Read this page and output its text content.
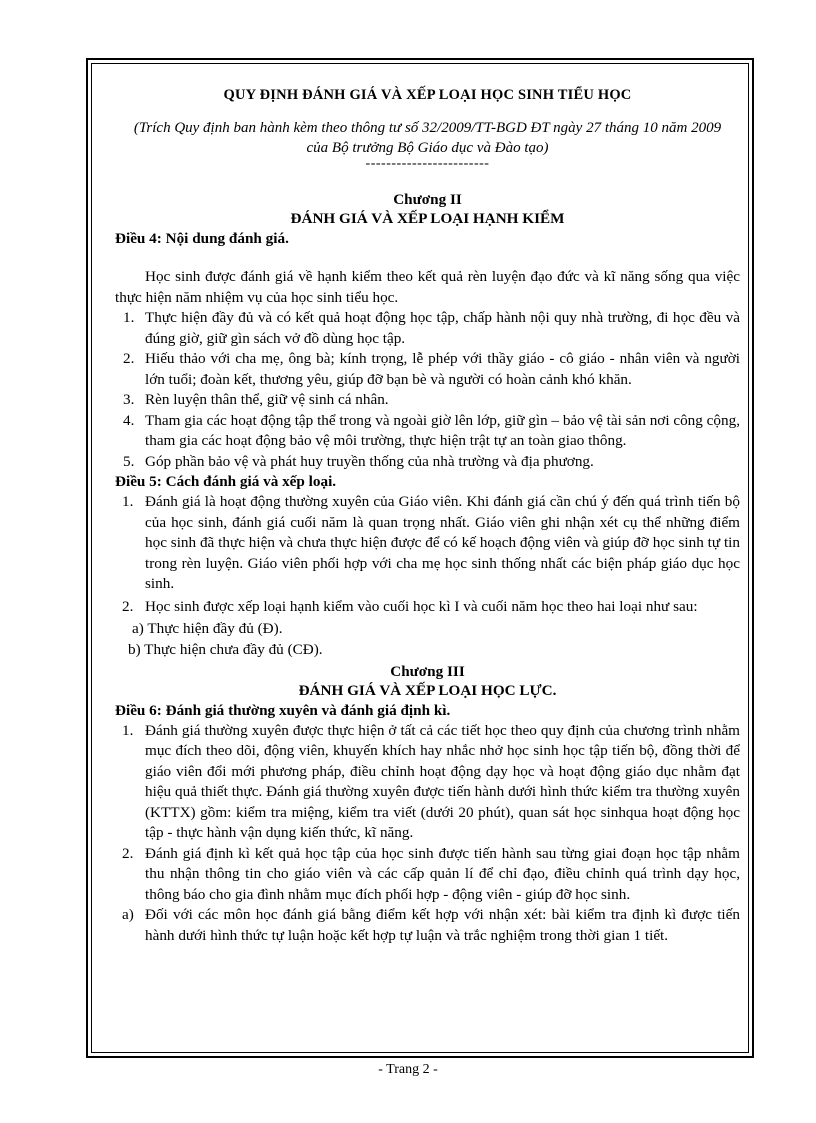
QUY ĐỊNH ĐÁNH GIÁ VÀ XẾP LOẠI HỌC SINH TIỂU HỌC
(Trích Quy định ban hành kèm theo thông tư số 32/2009/TT-BGD ĐT ngày 27 tháng 10 năm 2009 của Bộ trưởng Bộ Giáo dục và Đào tạo)
------------------------
Chương II
ĐÁNH GIÁ VÀ XẾP LOẠI HẠNH KIỂM
Điều 4: Nội dung đánh giá.
Học sinh được đánh giá về hạnh kiểm theo kết quả rèn luyện đạo đức và kĩ năng sống qua việc thực hiện năm nhiệm vụ của học sinh tiểu học.
1. Thực hiện đầy đủ và có kết quả hoạt động học tập, chấp hành nội quy nhà trường, đi học đều và đúng giờ, giữ gìn sách vở đồ dùng học tập.
2. Hiếu thảo với cha mẹ, ông bà; kính trọng, lễ phép với thầy giáo - cô giáo - nhân viên và người lớn tuổi; đoàn kết, thương yêu, giúp đỡ bạn bè và người có hoàn cảnh khó khăn.
3. Rèn luyện thân thể, giữ vệ sinh cá nhân.
4. Tham gia các hoạt động tập thể trong và ngoài giờ lên lớp, giữ gìn – bảo vệ tài sản nơi công cộng, tham gia các hoạt động bảo vệ môi trường, thực hiện trật tự an toàn giao thông.
5. Góp phần bảo vệ và phát huy truyền thống của nhà trường và địa phương.
Điều 5: Cách đánh giá và xếp loại.
1. Đánh giá là hoạt động thường xuyên của Giáo viên. Khi đánh giá cần chú ý đến quá trình tiến bộ của học sinh, đánh giá cuối năm là quan trọng nhất. Giáo viên ghi nhận xét cụ thể những điểm học sinh đã thực hiện và chưa thực hiện được để có kế hoạch động viên và giúp đỡ học sinh tự tin trong rèn luyện. Giáo viên phối hợp với cha mẹ học sinh thống nhất các biện pháp giáo dục học sinh.
2. Học sinh được xếp loại hạnh kiểm vào cuối học kì I và cuối năm học theo hai loại như sau:
a) Thực hiện đầy đủ (Đ).
b) Thực hiện chưa đầy đủ (CĐ).
Chương III
ĐÁNH GIÁ VÀ XẾP LOẠI HỌC LỰC.
Điều 6: Đánh giá thường xuyên và đánh giá định kì.
1. Đánh giá thường xuyên được thực hiện ở tất cả các tiết học theo quy định của chương trình nhằm mục đích theo dõi, động viên, khuyến khích hay nhắc nhở học sinh học tập tiến bộ, đồng thời để giáo viên đổi mới phương pháp, điều chỉnh hoạt động dạy học và hoạt động giáo dục nhằm đạt hiệu quả thiết thực. Đánh giá thường xuyên được tiến hành dưới hình thức kiểm tra thường xuyên (KTTX) gồm: kiểm tra miệng, kiểm tra viết (dưới 20 phút), quan sát học sinhqua hoạt động học tập - thực hành vận dụng kiến thức, kĩ năng.
2. Đánh giá định kì kết quả học tập của học sinh được tiến hành sau từng giai đoạn học tập nhằm thu nhận thông tin cho giáo viên và các cấp quản lí để chỉ đạo, điều chỉnh quá trình dạy học, thông báo cho gia đình nhằm mục đích phối hợp - động viên - giúp đỡ học sinh.
a) Đối với các môn học đánh giá bằng điểm kết hợp với nhận xét: bài kiểm tra định kì được tiến hành dưới hình thức tự luận hoặc kết hợp tự luận và trắc nghiệm trong thời gian 1 tiết.
- Trang 2 -
